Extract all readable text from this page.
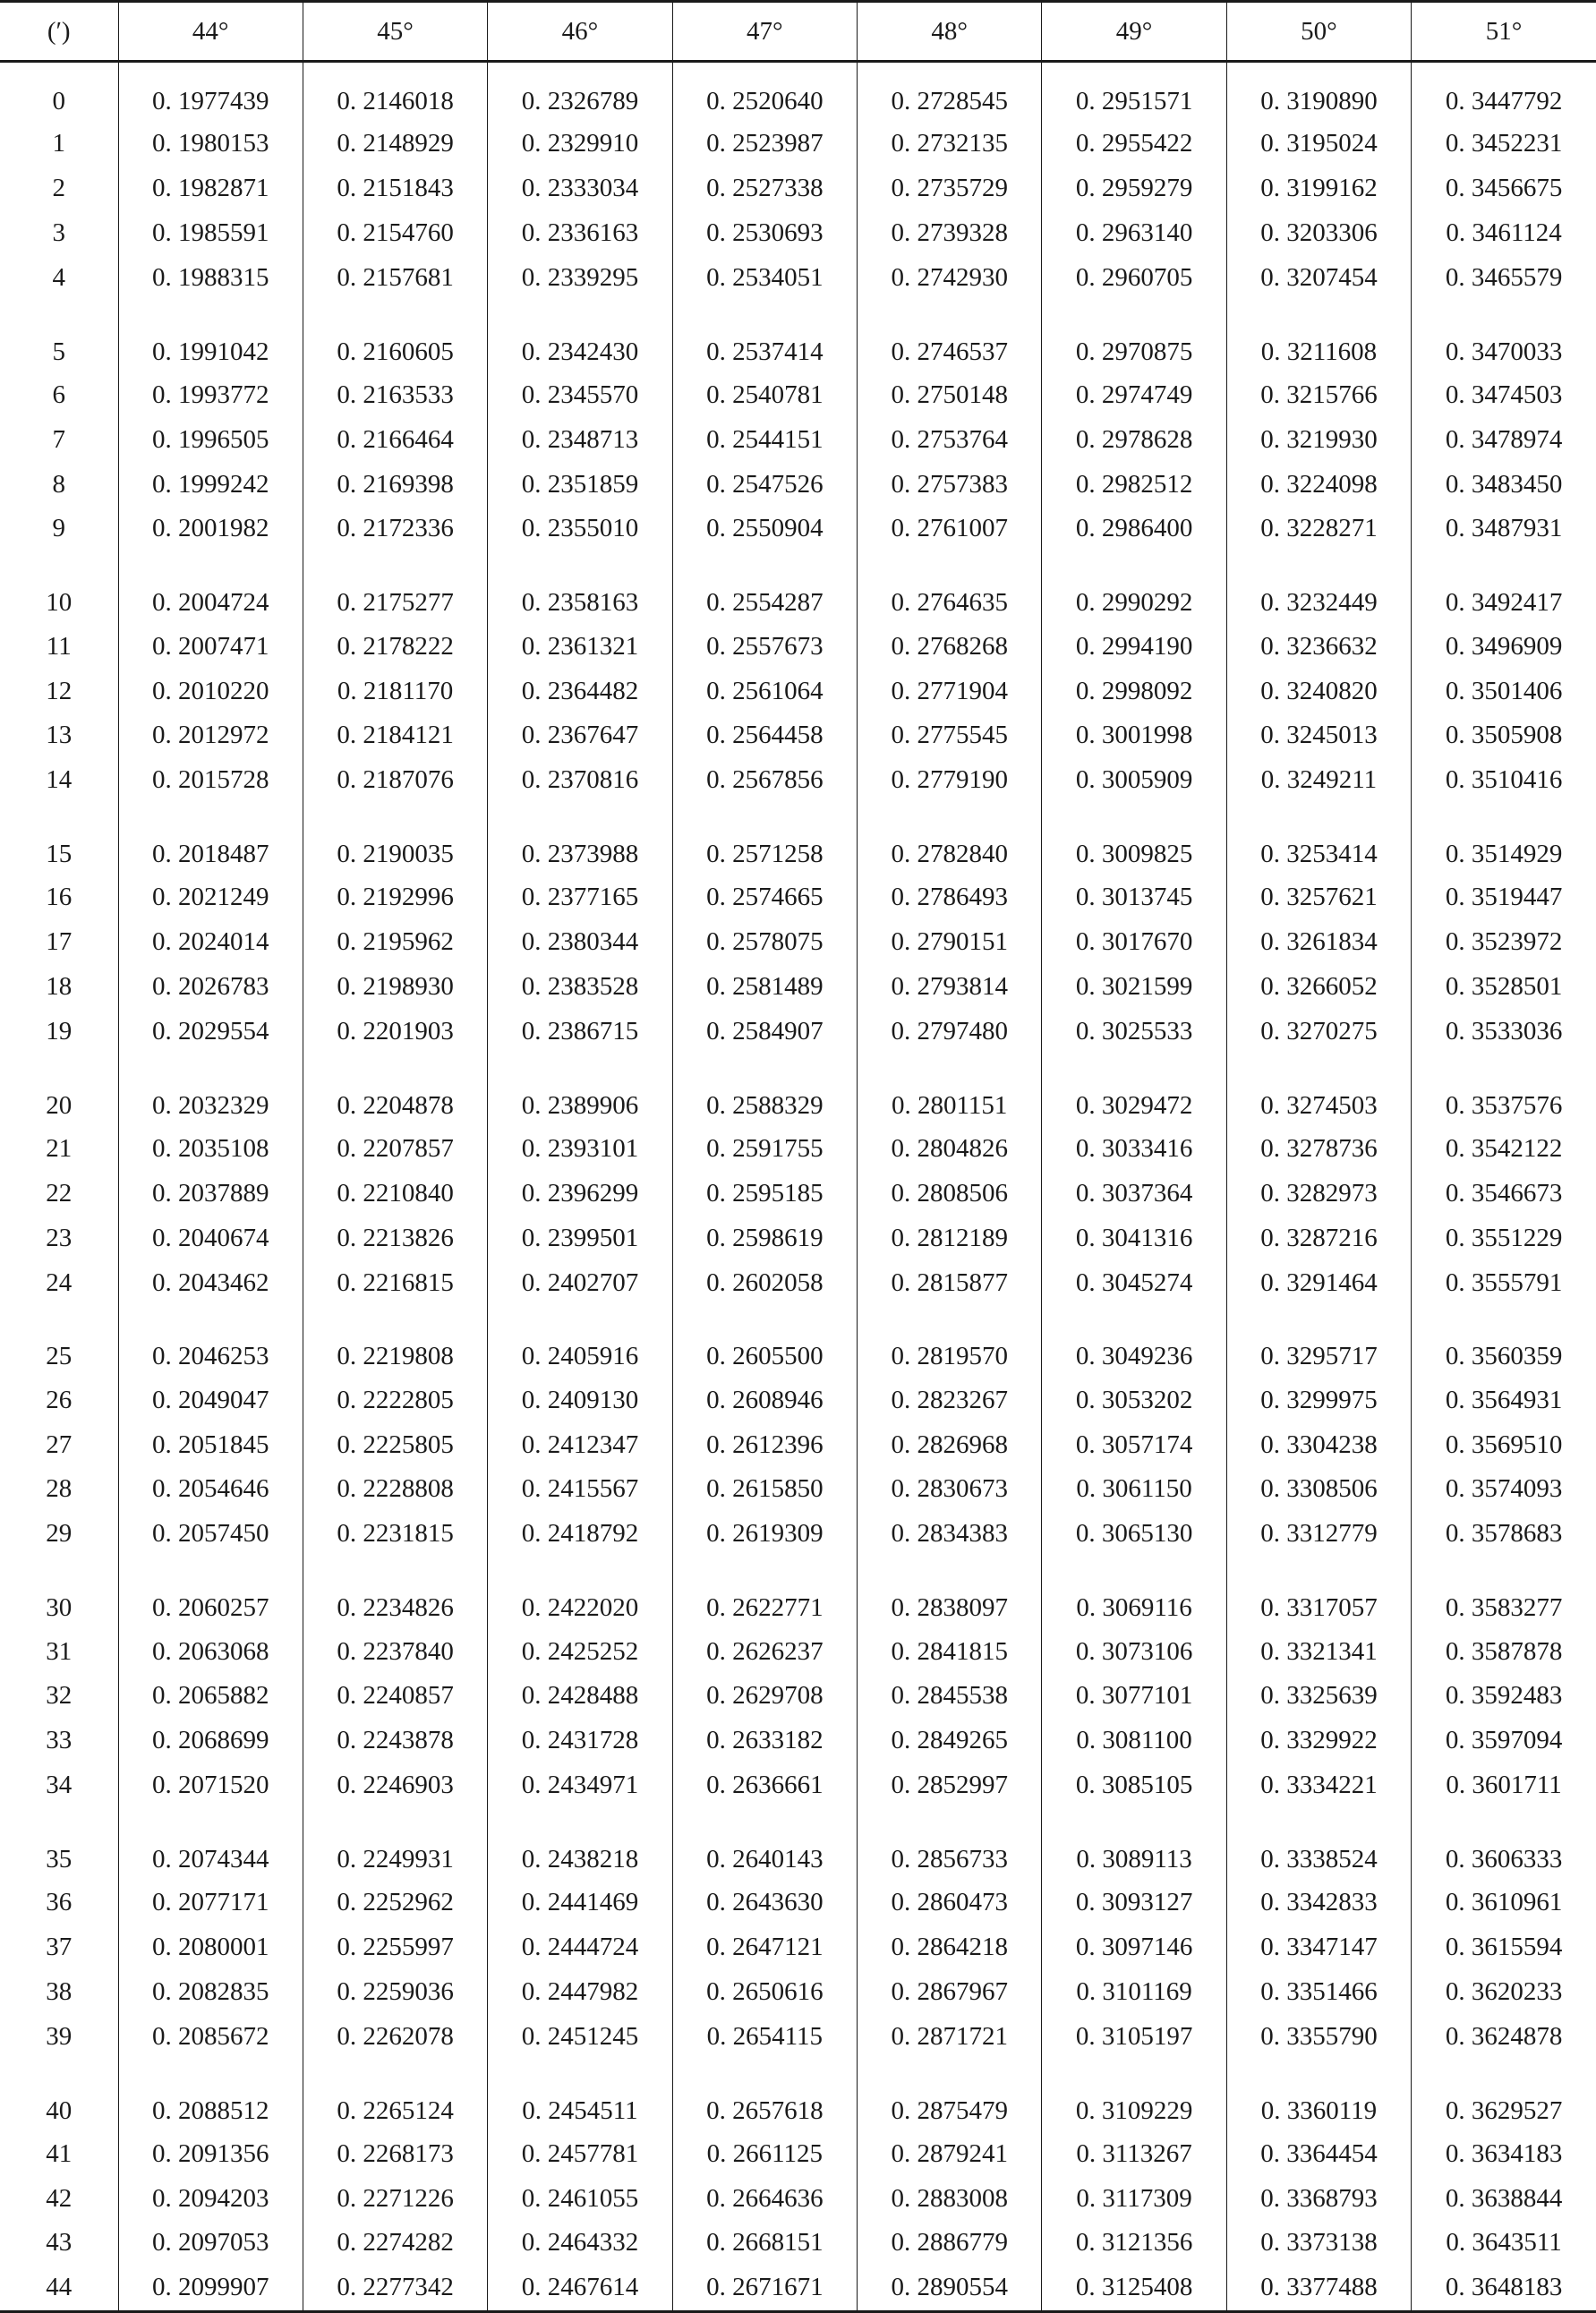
(′)	44°	45°	46°	47°	48°	49°	50°	51°
0	0. 1977439	0. 2146018	0. 2326789	0. 2520640	0. 2728545	0. 2951571	0. 3190890	0. 3447792
1	0. 1980153	0. 2148929	0. 2329910	0. 2523987	0. 2732135	0. 2955422	0. 3195024	0. 3452231
2	0. 1982871	0. 2151843	0. 2333034	0. 2527338	0. 2735729	0. 2959279	0. 3199162	0. 3456675
3	0. 1985591	0. 2154760	0. 2336163	0. 2530693	0. 2739328	0. 2963140	0. 3203306	0. 3461124
4	0. 1988315	0. 2157681	0. 2339295	0. 2534051	0. 2742930	0. 2960705	0. 3207454	0. 3465579
5	0. 1991042	0. 2160605	0. 2342430	0. 2537414	0. 2746537	0. 2970875	0. 3211608	0. 3470033
6	0. 1993772	0. 2163533	0. 2345570	0. 2540781	0. 2750148	0. 2974749	0. 3215766	0. 3474503
7	0. 1996505	0. 2166464	0. 2348713	0. 2544151	0. 2753764	0. 2978628	0. 3219930	0. 3478974
8	0. 1999242	0. 2169398	0. 2351859	0. 2547526	0. 2757383	0. 2982512	0. 3224098	0. 3483450
9	0. 2001982	0. 2172336	0. 2355010	0. 2550904	0. 2761007	0. 2986400	0. 3228271	0. 3487931
10	0. 2004724	0. 2175277	0. 2358163	0. 2554287	0. 2764635	0. 2990292	0. 3232449	0. 3492417
11	0. 2007471	0. 2178222	0. 2361321	0. 2557673	0. 2768268	0. 2994190	0. 3236632	0. 3496909
12	0. 2010220	0. 2181170	0. 2364482	0. 2561064	0. 2771904	0. 2998092	0. 3240820	0. 3501406
13	0. 2012972	0. 2184121	0. 2367647	0. 2564458	0. 2775545	0. 3001998	0. 3245013	0. 3505908
14	0. 2015728	0. 2187076	0. 2370816	0. 2567856	0. 2779190	0. 3005909	0. 3249211	0. 3510416
15	0. 2018487	0. 2190035	0. 2373988	0. 2571258	0. 2782840	0. 3009825	0. 3253414	0. 3514929
16	0. 2021249	0. 2192996	0. 2377165	0. 2574665	0. 2786493	0. 3013745	0. 3257621	0. 3519447
17	0. 2024014	0. 2195962	0. 2380344	0. 2578075	0. 2790151	0. 3017670	0. 3261834	0. 3523972
18	0. 2026783	0. 2198930	0. 2383528	0. 2581489	0. 2793814	0. 3021599	0. 3266052	0. 3528501
19	0. 2029554	0. 2201903	0. 2386715	0. 2584907	0. 2797480	0. 3025533	0. 3270275	0. 3533036
20	0. 2032329	0. 2204878	0. 2389906	0. 2588329	0. 2801151	0. 3029472	0. 3274503	0. 3537576
21	0. 2035108	0. 2207857	0. 2393101	0. 2591755	0. 2804826	0. 3033416	0. 3278736	0. 3542122
22	0. 2037889	0. 2210840	0. 2396299	0. 2595185	0. 2808506	0. 3037364	0. 3282973	0. 3546673
23	0. 2040674	0. 2213826	0. 2399501	0. 2598619	0. 2812189	0. 3041316	0. 3287216	0. 3551229
24	0. 2043462	0. 2216815	0. 2402707	0. 2602058	0. 2815877	0. 3045274	0. 3291464	0. 3555791
25	0. 2046253	0. 2219808	0. 2405916	0. 2605500	0. 2819570	0. 3049236	0. 3295717	0. 3560359
26	0. 2049047	0. 2222805	0. 2409130	0. 2608946	0. 2823267	0. 3053202	0. 3299975	0. 3564931
27	0. 2051845	0. 2225805	0. 2412347	0. 2612396	0. 2826968	0. 3057174	0. 3304238	0. 3569510
28	0. 2054646	0. 2228808	0. 2415567	0. 2615850	0. 2830673	0. 3061150	0. 3308506	0. 3574093
29	0. 2057450	0. 2231815	0. 2418792	0. 2619309	0. 2834383	0. 3065130	0. 3312779	0. 3578683
30	0. 2060257	0. 2234826	0. 2422020	0. 2622771	0. 2838097	0. 3069116	0. 3317057	0. 3583277
31	0. 2063068	0. 2237840	0. 2425252	0. 2626237	0. 2841815	0. 3073106	0. 3321341	0. 3587878
32	0. 2065882	0. 2240857	0. 2428488	0. 2629708	0. 2845538	0. 3077101	0. 3325639	0. 3592483
33	0. 2068699	0. 2243878	0. 2431728	0. 2633182	0. 2849265	0. 3081100	0. 3329922	0. 3597094
34	0. 2071520	0. 2246903	0. 2434971	0. 2636661	0. 2852997	0. 3085105	0. 3334221	0. 3601711
35	0. 2074344	0. 2249931	0. 2438218	0. 2640143	0. 2856733	0. 3089113	0. 3338524	0. 3606333
36	0. 2077171	0. 2252962	0. 2441469	0. 2643630	0. 2860473	0. 3093127	0. 3342833	0. 3610961
37	0. 2080001	0. 2255997	0. 2444724	0. 2647121	0. 2864218	0. 3097146	0. 3347147	0. 3615594
38	0. 2082835	0. 2259036	0. 2447982	0. 2650616	0. 2867967	0. 3101169	0. 3351466	0. 3620233
39	0. 2085672	0. 2262078	0. 2451245	0. 2654115	0. 2871721	0. 3105197	0. 3355790	0. 3624878
40	0. 2088512	0. 2265124	0. 2454511	0. 2657618	0. 2875479	0. 3109229	0. 3360119	0. 3629527
41	0. 2091356	0. 2268173	0. 2457781	0. 2661125	0. 2879241	0. 3113267	0. 3364454	0. 3634183
42	0. 2094203	0. 2271226	0. 2461055	0. 2664636	0. 2883008	0. 3117309	0. 3368793	0. 3638844
43	0. 2097053	0. 2274282	0. 2464332	0. 2668151	0. 2886779	0. 3121356	0. 3373138	0. 3643511
44	0. 2099907	0. 2277342	0. 2467614	0. 2671671	0. 2890554	0. 3125408	0. 3377488	0. 3648183
